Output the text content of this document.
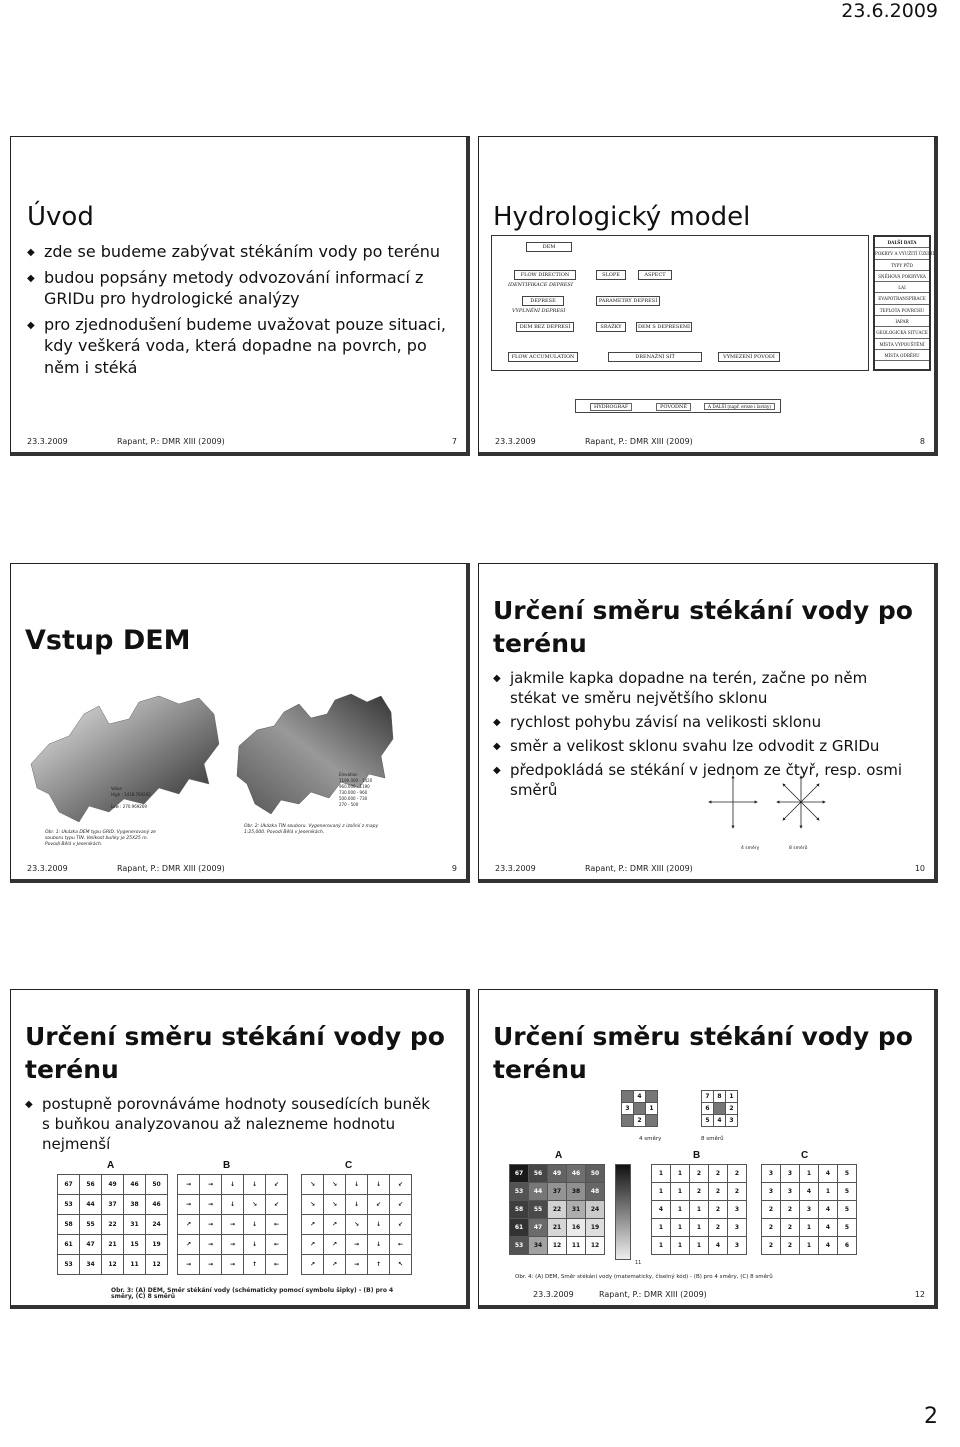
23.6.2009
Úvod
◆ zde se budeme zabývat stékáním vody po terénu
◆ budou popsány metody odvozování informací z GRIDu pro hydrologické analýzy
◆ pro zjednodušení budeme uvažovat pouze situaci, kdy veškerá voda, která dopadne na povrch, po něm i stéká
23.3.2009	Rapant, P.: DMR XIII (2009)	7
Hydrologický model
DEM
FLOW DIRECTION
IDENTIFIKACE DEPRESÍ
DEPRESE
VYPLNĚNÍ DEPRESÍ
DEM BEZ DEPRESÍ
FLOW ACCUMULATION
SLOPE	ASPECT
PARAMETRY DEPRESÍ
SRÁŽKY	DEM S DEPRESEMI
DRENÁŽNÍ SÍŤ	VYMEZENÍ POVODÍ
DALŠÍ DATA
POKRYV A VYUŽITÍ ÚZEMÍ
TYPY PŮD
SNĚHOVÁ POKRÝVKA
LAI
EVAPOTRANSPIRACE
TEPLOTA POVRCHU
IAPAR
GEOLOGICKÁ SITUACE
MÍSTA VYPOUŠTĚNÍ
MÍSTA ODBĚRU
HYDROGRAF	POVODNĚ	A DALŠÍ (např. eroze i laviny)
23.3.2009	Rapant, P.: DMR XIII (2009)	8
Vstup DEM
Value
High : 1418.764282
Low : 270.969269
Elevation
1190.000 - 1420
960.000 - 1190
730.000 - 960
500.000 - 730
270 - 500
Obr. 1: Ukázka DEM typu GRID. Vygenerovaný ze souboru typu TIN. Velikost buňky je 25X25 m. Povodí Bělá v Jeseníkách.
Obr. 2: Ukázka TIN souboru. Vygenerovaný z izolinií z mapy 1:25,000. Povodí Bělá v Jeseníkách.
23.3.2009	Rapant, P.: DMR XIII (2009)	9
Určení směru stékání vody po terénu
◆ jakmile kapka dopadne na terén, začne po něm stékat ve směru největšího sklonu
◆ rychlost pohybu závisí na velikosti sklonu
◆ směr a velikost sklonu svahu lze odvodit z GRIDu
◆ předpokládá se stékání v jednom ze čtyř, resp. osmi směrů
4 směry	8 směrů
23.3.2009	Rapant, P.: DMR XIII (2009)	10
Určení směru stékání vody po terénu
◆ postupně porovnáváme hodnoty sousedících buněk s buňkou analyzovanou až nalezneme hodnotu nejmenší
A	B	C
67	56	49	46	50
53	44	37	38	46
58	55	22	31	24
61	47	21	15	19
53	34	12	11	12
→	→	↓	↓	↙
→	→	↓	↘	↙
↗	→	→	↓	←
↗	→	→	↓	←
→	→	→	↑	←
↘	↘	↓	↓	↙
↘	↘	↓	↙	↙
↗	↗	↘	↓	↙
↗	↗	→	↓	←
↗	↗	→	↑	↖
Obr. 3: (A) DEM, Směr stékání vody (schématicky pomocí symbolu šipky) - (B) pro 4 směry, (C) 8 směrů
Určení směru stékání vody po terénu
	4	
3		1
	2	
7	8	1
6		2
5	4	3
4 směry	8 směrů
A	B	C
67	56	49	46	50
53	44	37	38	48
58	55	22	31	24
61	47	21	16	19
53	34	12	11	12
11
1	1	2	2	2
1	1	2	2	2
4	1	1	2	3
1	1	1	2	3
1	1	1	4	3
3	3	1	4	5
3	3	4	1	5
2	2	3	4	5
2	2	1	4	5
2	2	1	4	6
Obr. 4: (A) DEM, Směr stékání vody (matematicky, číselný kód) - (B) pro 4 směry, (C) 8 směrů
23.3.2009	Rapant, P.: DMR XIII (2009)	12
2
